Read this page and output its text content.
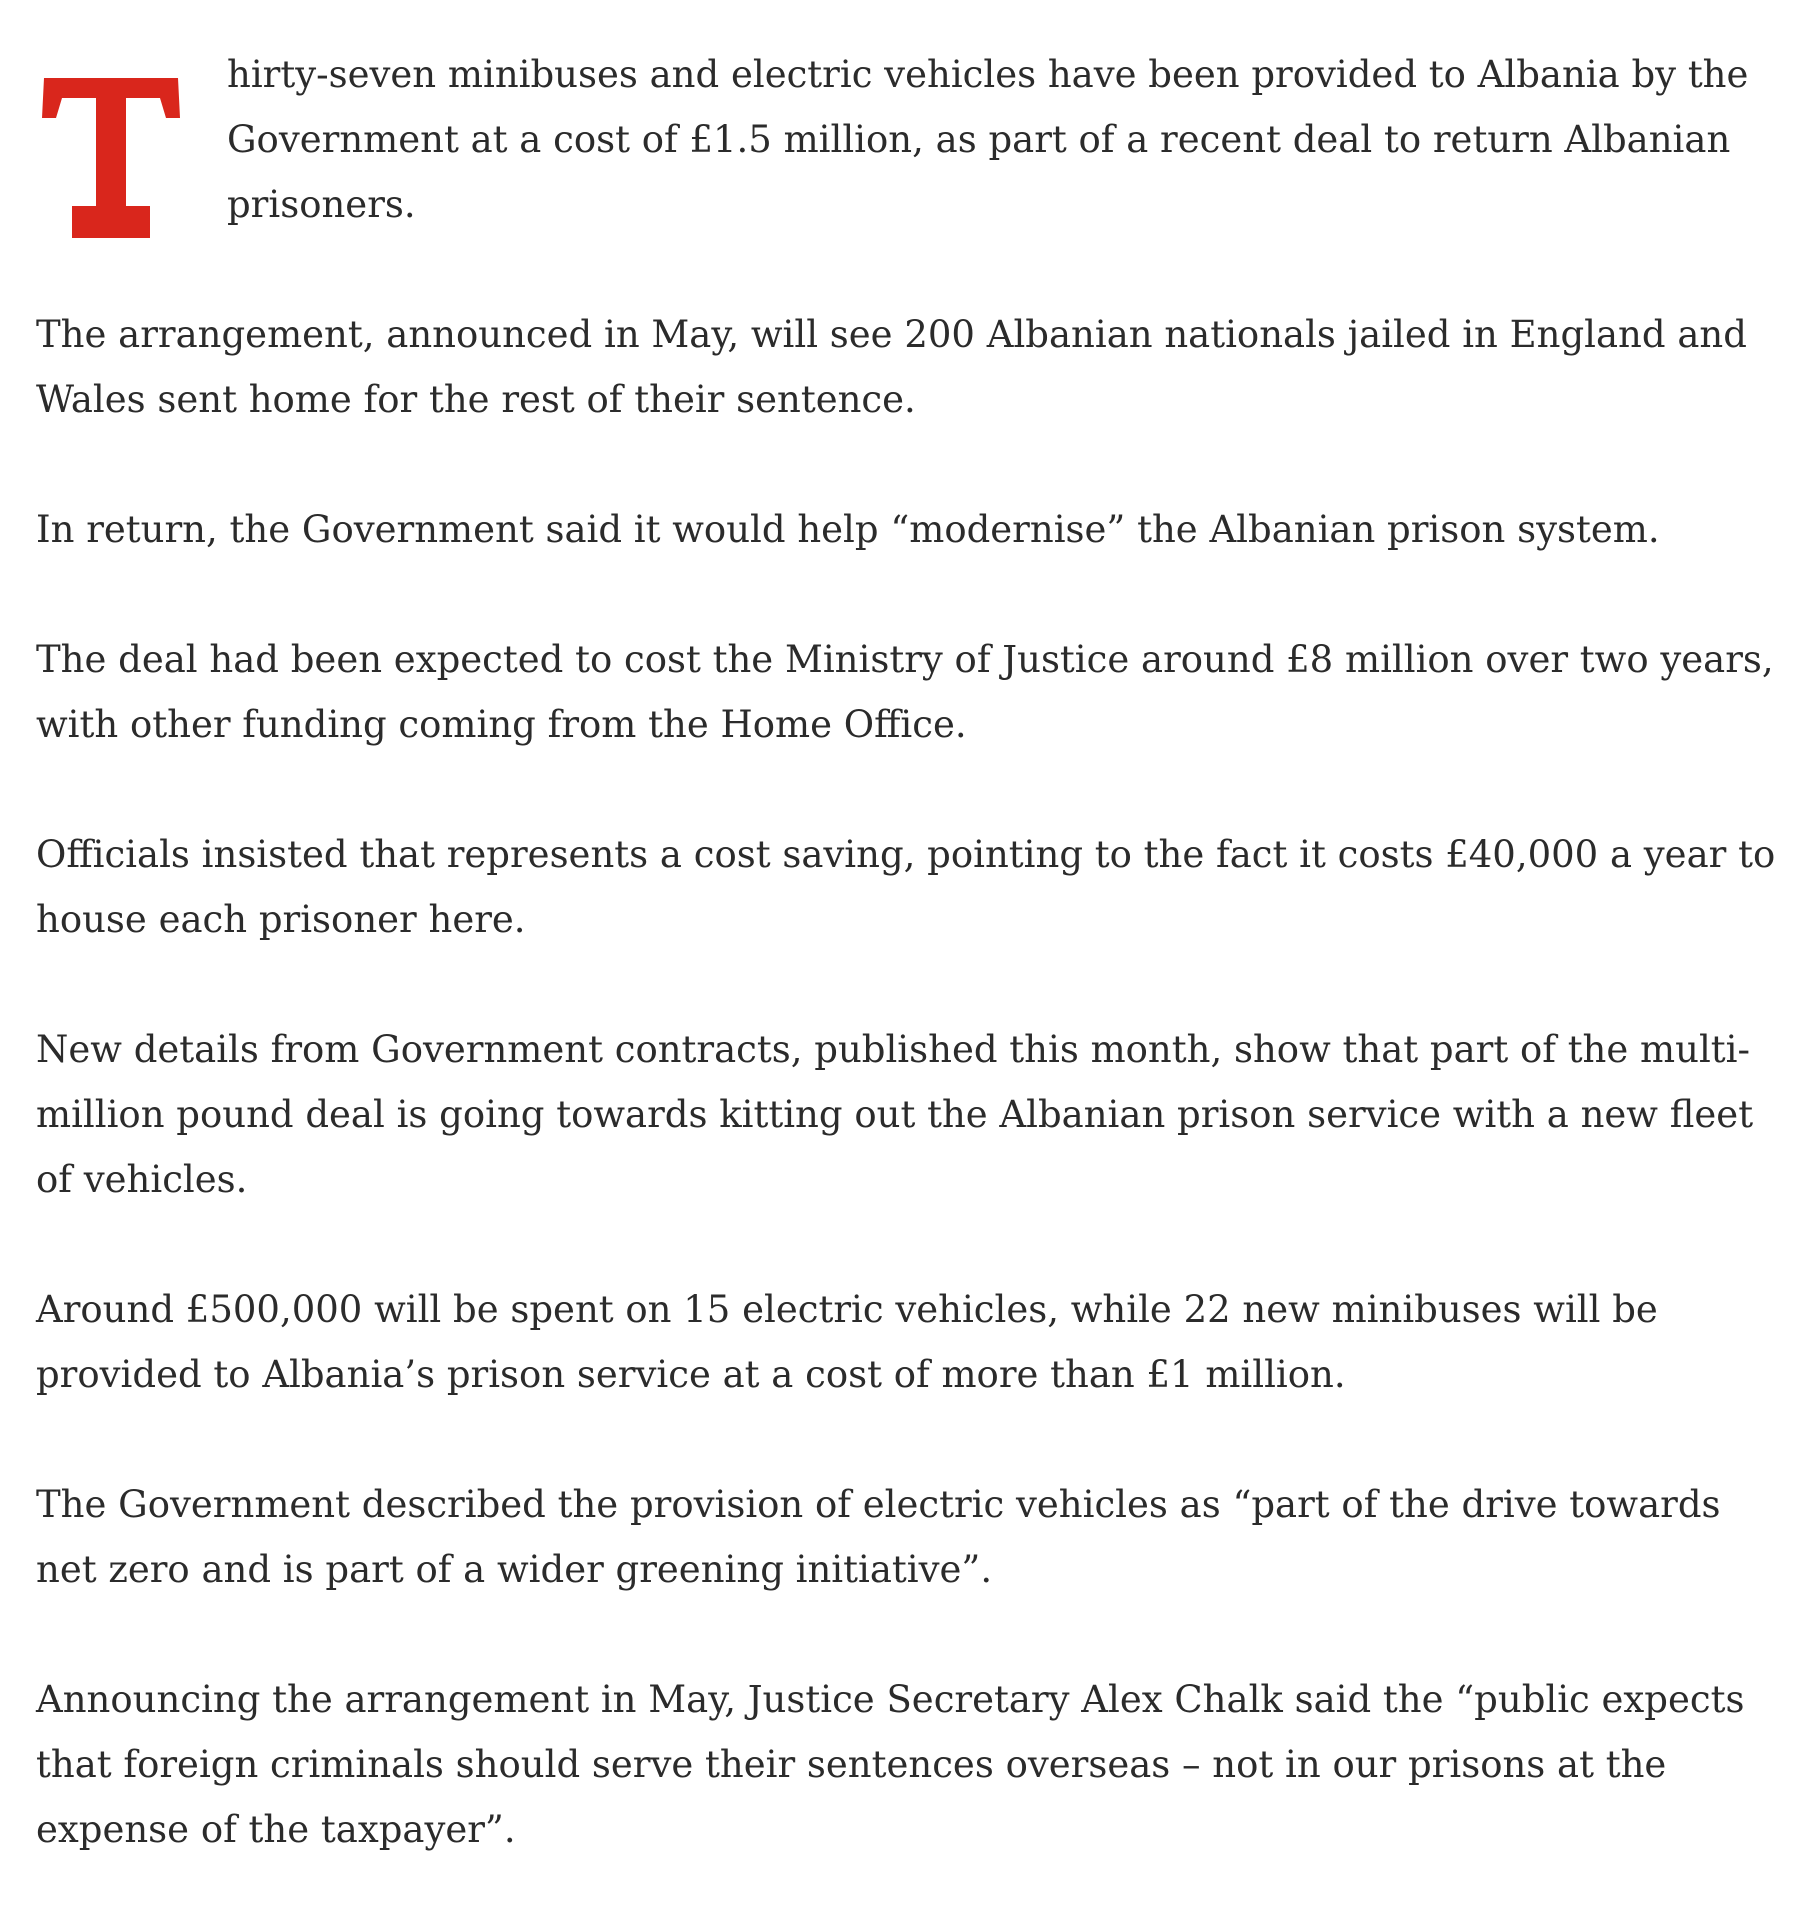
hirty-seven minibuses and electric vehicles have been provided to Albania by the Government at a cost of £1.5 million, as part of a recent deal to return Albanian prisoners.

The arrangement, announced in May, will see 200 Albanian nationals jailed in England and Wales sent home for the rest of their sentence.

In return, the Government said it would help “modernise” the Albanian prison system.

The deal had been expected to cost the Ministry of Justice around £8 million over two years, with other funding coming from the Home Office.

Officials insisted that represents a cost saving, pointing to the fact it costs £40,000 a year to house each prisoner here.

New details from Government contracts, published this month, show that part of the multi-million pound deal is going towards kitting out the Albanian prison service with a new fleet of vehicles.

Around £500,000 will be spent on 15 electric vehicles, while 22 new minibuses will be provided to Albania’s prison service at a cost of more than £1 million.

The Government described the provision of electric vehicles as “part of the drive towards net zero and is part of a wider greening initiative”.

Announcing the arrangement in May, Justice Secretary Alex Chalk said the “public expects that foreign criminals should serve their sentences overseas – not in our prisons at the expense of the taxpayer”.
